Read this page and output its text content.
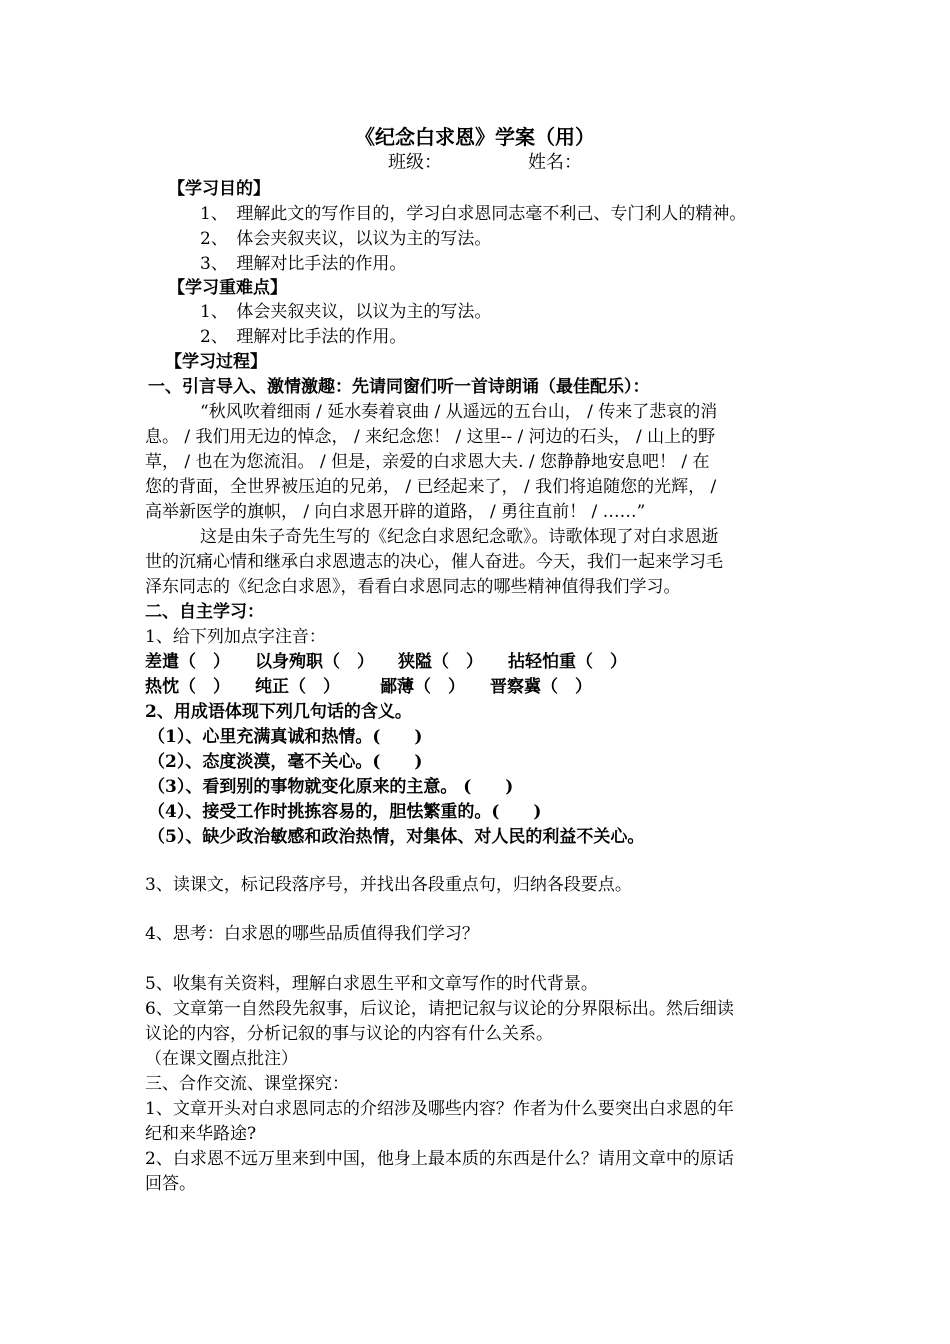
《纪念白求恩》学案（用）
班级：	姓名：
【学习目的】
1、　理解此文的写作目的，学习白求恩同志毫不利己、专门利人的精神。
2、　体会夹叙夹议，以议为主的写法。
3、　理解对比手法的作用。
【学习重难点】
1、　体会夹叙夹议，以议为主的写法。
2、　理解对比手法的作用。
【学习过程】
一、引言导入、激情激趣：先请同窗们听一首诗朗诵（最佳配乐）：
“秋风吹着细雨 / 延水奏着哀曲 / 从遥远的五台山， / 传来了悲哀的消
息。 / 我们用无边的悼念， / 来纪念您！ / 这里-- / 河边的石头， / 山上的野
草， / 也在为您流泪。 / 但是，亲爱的白求恩大夫. / 您静静地安息吧！ / 在
您的背面，全世界被压迫的兄弟， / 已经起来了， / 我们将追随您的光辉， /
高举新医学的旗帜， / 向白求恩开辟的道路， / 勇往直前！ / ……”
这是由朱子奇先生写的《纪念白求恩纪念歌》。诗歌体现了对白求恩逝
世的沉痛心情和继承白求恩遗志的决心，催人奋进。今天，我们一起来学习毛
泽东同志的《纪念白求恩》，看看白求恩同志的哪些精神值得我们学习。
二、自主学习：
1、给下列加点字注音：
差遣（　） 以身殉职（　） 狭隘（　） 拈轻怕重（　）
热忱（　） 纯正（　） 鄙薄（　） 晋察冀（　）
2、用成语体现下列几句话的含义。
（1）、心里充满真诚和热情。(　　)
（2）、态度淡漠，毫不关心。(　　)
（3）、看到别的事物就变化原来的主意。 (　　)
（4）、接受工作时挑拣容易的，胆怯繁重的。(　　)
（5）、缺少政治敏感和政治热情，对集体、对人民的利益不关心。
3、读课文，标记段落序号，并找出各段重点句，归纳各段要点。
4、思考：白求恩的哪些品质值得我们学习？
5、收集有关资料，理解白求恩生平和文章写作的时代背景。
6、文章第一自然段先叙事，后议论，请把记叙与议论的分界限标出。然后细读
议论的内容，分析记叙的事与议论的内容有什么关系。
（在课文圈点批注）
三、合作交流、课堂探究：
1、文章开头对白求恩同志的介绍涉及哪些内容？作者为什么要突出白求恩的年
纪和来华路途?
2、白求恩不远万里来到中国，他身上最本质的东西是什么？请用文章中的原话
回答。
